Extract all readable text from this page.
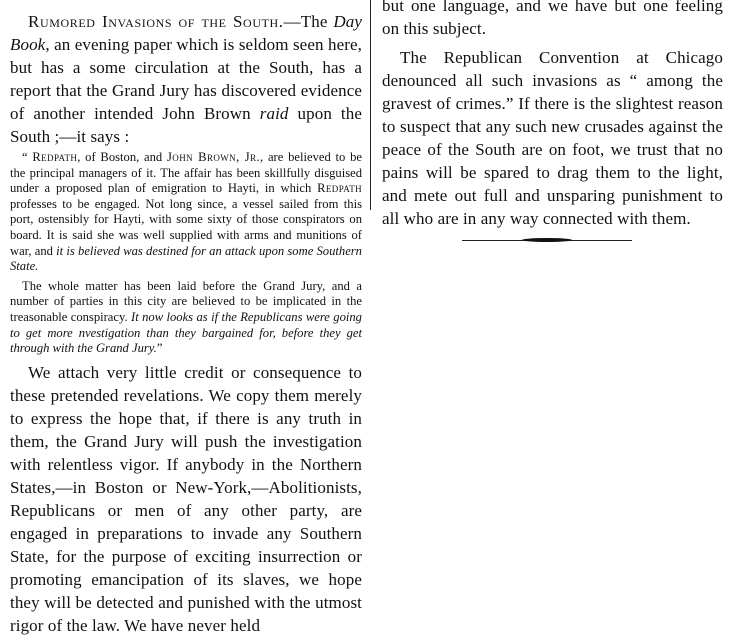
Rumored Invasions of the South.—The Day Book, an evening paper which is seldom seen here, but has a some circulation at the South, has a report that the Grand Jury has discovered evidence of another intended John Brown raid upon the South ;—it says :

“ Redpath, of Boston, and John Brown, Jr., are believed to be the principal managers of it. The affair has been skillfully disguised under a proposed plan of emigration to Hayti, in which Redpath professes to be engaged. Not long since, a vessel sailed from this port, ostensibly for Hayti, with some sixty of those conspirators on board. It is said she was well supplied with arms and munitions of war, and it is believed was destined for an attack upon some Southern State.

The whole matter has been laid before the Grand Jury, and a number of parties in this city are believed to be implicated in the treasonable conspiracy. It now looks as if the Republicans were going to get more nvestigation than they bargained for, before they get through with the Grand Jury.”

We attach very little credit or consequence to these pretended revelations. We copy them merely to express the hope that, if there is any truth in them, the Grand Jury will push the investigation with relentless vigor. If anybody in the Northern States,—in Boston or New-York,—Abolitionists, Republicans or men of any other party, are engaged in preparations to invade any Southern State, for the purpose of exciting insurrection or promoting emancipation of its slaves, we hope they will be detected and punished with the utmost rigor of the law. We have never held

but one language, and we have but one feeling on this subject.

The Republican Convention at Chicago denounced all such invasions as “ among the gravest of crimes.” If there is the slightest reason to suspect that any such new crusades against the peace of the South are on foot, we trust that no pains will be spared to drag them to the light, and mete out full and unsparing punishment to all who are in any way connected with them.
